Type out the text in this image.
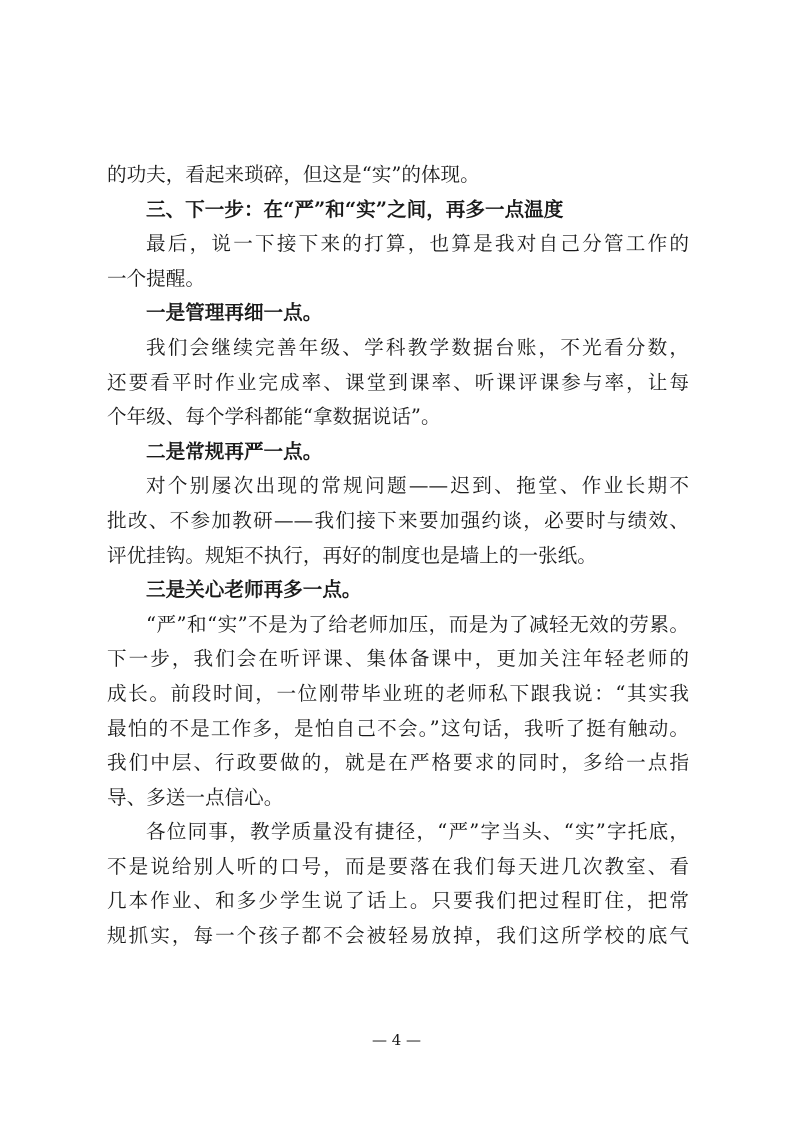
的功夫，看起来琐碎，但这是“实”的体现。
三、下一步：在“严”和“实”之间，再多一点温度
最后，说一下接下来的打算，也算是我对自己分管工作的
一个提醒。
一是管理再细一点。
我们会继续完善年级、学科教学数据台账，不光看分数，
还要看平时作业完成率、课堂到课率、听课评课参与率，让每
个年级、每个学科都能“拿数据说话”。
二是常规再严一点。
对个别屡次出现的常规问题——迟到、拖堂、作业长期不
批改、不参加教研——我们接下来要加强约谈，必要时与绩效、
评优挂钩。规矩不执行，再好的制度也是墙上的一张纸。
三是关心老师再多一点。
“严”和“实”不是为了给老师加压，而是为了减轻无效的劳累。
下一步，我们会在听评课、集体备课中，更加关注年轻老师的
成长。前段时间，一位刚带毕业班的老师私下跟我说：“其实我
最怕的不是工作多，是怕自己不会。”这句话，我听了挺有触动。
我们中层、行政要做的，就是在严格要求的同时，多给一点指
导、多送一点信心。
各位同事，教学质量没有捷径，“严”字当头、“实”字托底，
不是说给别人听的口号，而是要落在我们每天进几次教室、看
几本作业、和多少学生说了话上。只要我们把过程盯住，把常
规抓实，每一个孩子都不会被轻易放掉，我们这所学校的底气
— 4 —
